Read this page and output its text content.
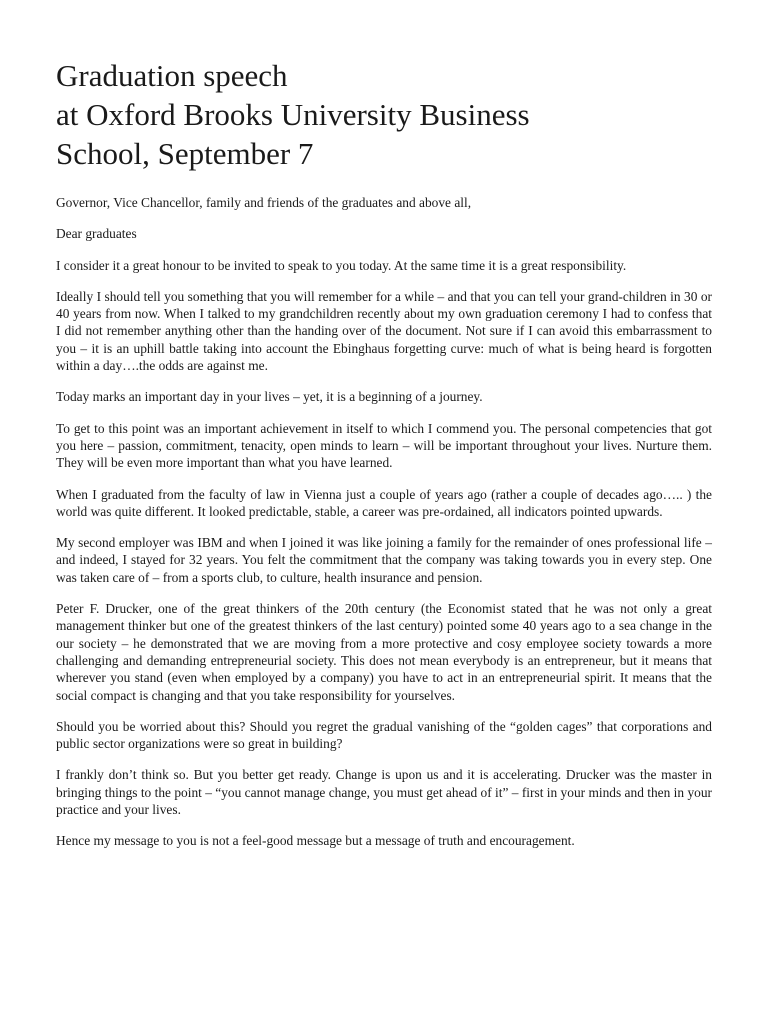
Graduation speech
at Oxford Brooks University Business
School, September 7

Governor, Vice Chancellor, family and friends of the graduates and above all,

Dear graduates

I consider it a great honour to be invited to speak to you today. At the same time it is a great responsibility.

Ideally I should tell you something that you will remember for a while – and that you can tell your grand-children in 30 or 40 years from now. When I talked to my grandchildren recently about my own graduation ceremony I had to confess that I did not remember anything other than the handing over of the document. Not sure if I can avoid this embarrassment to you – it is an uphill battle taking into account the Ebinghaus forgetting curve: much of what is being heard is forgotten within a day….the odds are against me.

Today marks an important day in your lives – yet, it is a beginning of a journey.

To get to this point was an important achievement in itself to which I commend you. The personal competencies that got you here – passion, commitment, tenacity, open minds to learn – will be important throughout your lives. Nurture them. They will be even more important than what you have learned.

When I graduated from the faculty of law in Vienna just a couple of years ago (rather a couple of decades ago….. ) the world was quite different. It looked predictable, stable, a career was pre-ordained, all indicators pointed upwards.

My second employer was IBM and when I joined it was like joining a family for the remainder of ones professional life – and indeed, I stayed for 32 years. You felt the commitment that the company was taking towards you in every step. One was taken care of – from a sports club, to culture, health insurance and pension.

Peter F. Drucker, one of the great thinkers of the 20th century (the Economist stated that he was not only a great management thinker but one of the greatest thinkers of the last century) pointed some 40 years ago to a sea change in the our society – he demonstrated that we are moving from a more protective and cosy employee society towards a more challenging and demanding entrepreneurial society. This does not mean everybody is an entrepreneur, but it means that wherever you stand (even when employed by a company) you have to act in an entrepreneurial spirit. It means that the social compact is changing and that you take responsibility for yourselves.

Should you be worried about this? Should you regret the gradual vanishing of the “golden cages” that corporations and public sector organizations were so great in building?

I frankly don’t think so. But you better get ready. Change is upon us and it is accelerating. Drucker was the master in bringing things to the point – “you cannot manage change, you must get ahead of it” – first in your minds and then in your practice and your lives.

Hence my message to you is not a feel-good message but a message of truth and encouragement.
